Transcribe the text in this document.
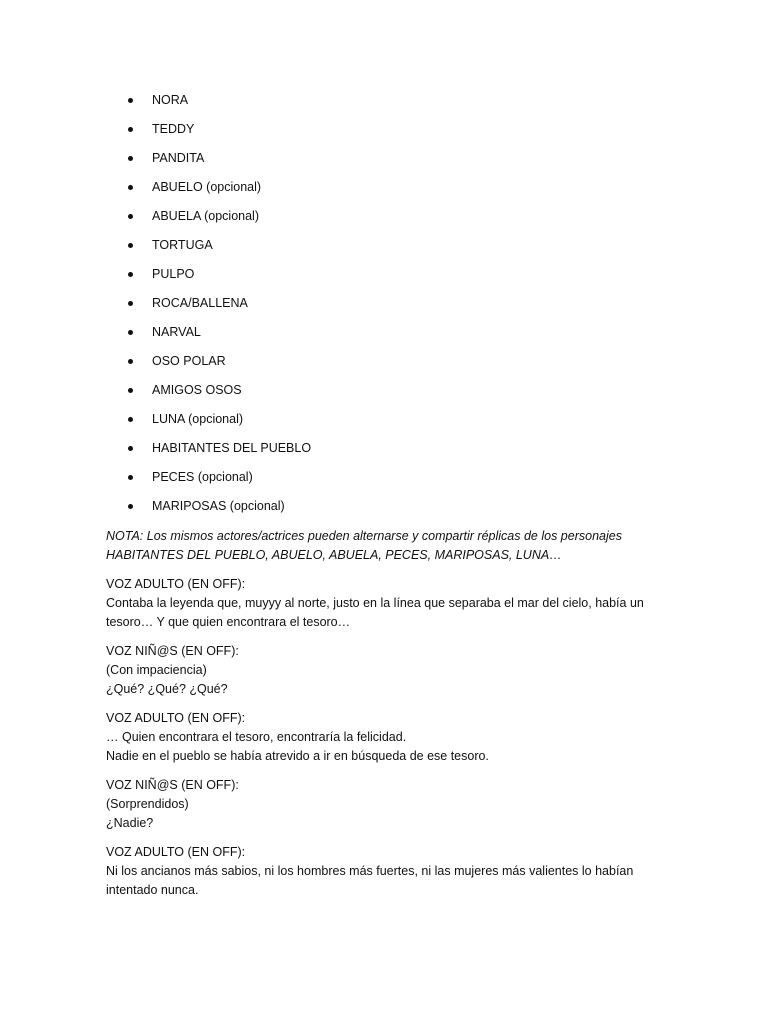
NORA
TEDDY
PANDITA
ABUELO (opcional)
ABUELA (opcional)
TORTUGA
PULPO
ROCA/BALLENA
NARVAL
OSO POLAR
AMIGOS OSOS
LUNA (opcional)
HABITANTES DEL PUEBLO
PECES (opcional)
MARIPOSAS (opcional)

NOTA: Los mismos actores/actrices pueden alternarse y compartir réplicas de los personajes
HABITANTES DEL PUEBLO, ABUELO, ABUELA, PECES, MARIPOSAS, LUNA…

VOZ ADULTO (EN OFF):
Contaba la leyenda que, muyyy al norte, justo en la línea que separaba el mar del cielo, había un
tesoro… Y que quien encontrara el tesoro…

VOZ NIÑ@S (EN OFF):
(Con impaciencia)
¿Qué? ¿Qué? ¿Qué?

VOZ ADULTO (EN OFF):
… Quien encontrara el tesoro, encontraría la felicidad.
Nadie en el pueblo se había atrevido a ir en búsqueda de ese tesoro.

VOZ NIÑ@S (EN OFF):
(Sorprendidos)
¿Nadie?

VOZ ADULTO (EN OFF):
Ni los ancianos más sabios, ni los hombres más fuertes, ni las mujeres más valientes lo habían
intentado nunca.
